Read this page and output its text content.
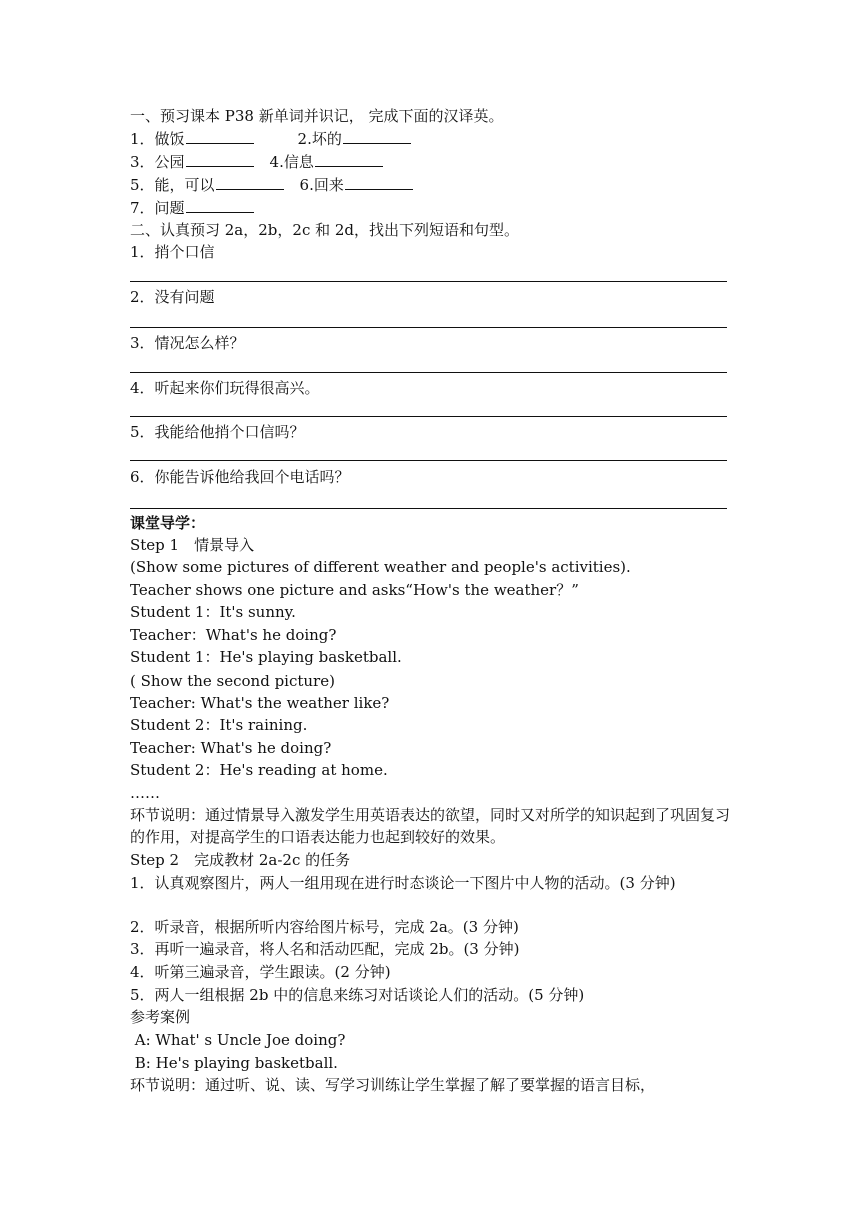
一、预习课本 P38 新单词并识记， 完成下面的汉译英。
1．做饭	2.坏的
3．公园	4.信息
5．能，可以	6.回来
7．问题
二、认真预习 2a，2b，2c 和 2d，找出下列短语和句型。
1．捎个口信
2．没有问题
3．情况怎么样？
4．听起来你们玩得很高兴。
5．我能给他捎个口信吗？
6．你能告诉他给我回个电话吗？
课堂导学：
Step 1　情景导入
(Show some pictures of different weather and people's activities).
Teacher shows one picture and asks“How's the weather？”
Student 1：It's sunny.
Teacher：What's he doing?
Student 1：He's playing basketball.
( Show the second picture)
Teacher: What's the weather like?
Student 2：It's raining.
Teacher: What's he doing?
Student 2：He's reading at home.
……
环节说明：通过情景导入激发学生用英语表达的欲望，同时又对所学的知识起到了巩固复习的作用，对提高学生的口语表达能力也起到较好的效果。
Step 2　完成教材 2a-2c 的任务
1．认真观察图片，两人一组用现在进行时态谈论一下图片中人物的活动。(3 分钟)
2．听录音，根据所听内容给图片标号，完成 2a。(3 分钟)
3．再听一遍录音，将人名和活动匹配，完成 2b。(3 分钟)
4．听第三遍录音，学生跟读。(2 分钟)
5．两人一组根据 2b 中的信息来练习对话谈论人们的活动。(5 分钟)
参考案例
A: What' s Uncle Joe doing?
B: He's playing basketball.
环节说明：通过听、说、读、写学习训练让学生掌握了解了要掌握的语言目标，
